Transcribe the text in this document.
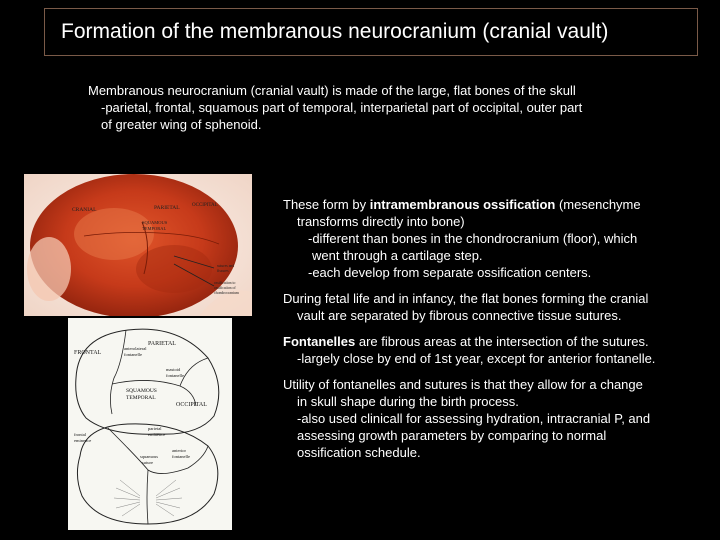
Formation of the membranous neurocranium (cranial vault)
Membranous neurocranium (cranial vault) is made of the large, flat bones of the skull
-parietal, frontal, squamous part of temporal, interparietal part of occipital, outer part
of greater wing of sphenoid.
CRANIAL	PARIETAL
SQUAMOUS
TEMPORAL
OCCIPITAL
sutures and
fissures
ossification to
ossification of
chondrocranium
FRONTAL
PARIETAL
anterolateral
fontanelle
mastoid
fontanelle
SQUAMOUS
TEMPORAL
OCCIPITAL
frontal
eminence
parietal
eminence
anterior
fontanelle
squamous
suture
These form by intramembranous ossification (mesenchyme
transforms directly into bone)
-different than bones in the chondrocranium (floor), which
went through a cartilage step.
-each develop from separate ossification centers.
During fetal life and in infancy, the flat bones forming the cranial
vault are separated by fibrous connective tissue sutures.
Fontanelles are fibrous areas at the intersection of the sutures.
-largely close by end of 1st year, except for anterior fontanelle.
Utility of fontanelles and sutures is that they allow for a change
in skull shape during the birth process.
-also used clinicall for assessing hydration, intracranial P, and
assessing growth parameters by comparing to normal
ossification schedule.
